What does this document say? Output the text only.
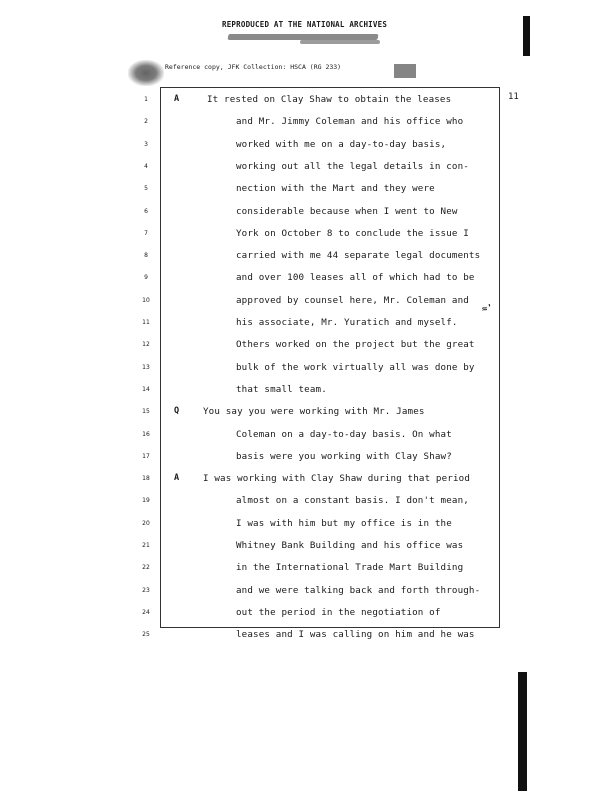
REPRODUCED AT THE NATIONAL ARCHIVES
Reference copy, JFK Collection: HSCA (RG 233)
11
≈'
1	A	It rested on Clay Shaw to obtain the leases
2	and Mr. Jimmy Coleman and his office who
3	worked with me on a day-to-day basis,
4	working out all the legal details in con-
5	nection with the Mart and they were
6	considerable because when I went to New
7	York on October 8 to conclude the issue I
8	carried with me 44 separate legal documents
9	and over 100 leases all of which had to be
10	approved by counsel here, Mr. Coleman and
11	his associate, Mr. Yuratich and myself.
12	Others worked on the project but the great
13	bulk of the work virtually all was done by
14	that small team.
15	Q	You say you were working with Mr. James
16	Coleman on a day-to-day basis. On what
17	basis were you working with Clay Shaw?
18	A	I was working with Clay Shaw during that period
19	almost on a constant basis. I don't mean,
20	I was with him but my office is in the
21	Whitney Bank Building and his office was
22	in the International Trade Mart Building
23	and we were talking back and forth through-
24	out the period in the negotiation of
25	leases and I was calling on him and he was
